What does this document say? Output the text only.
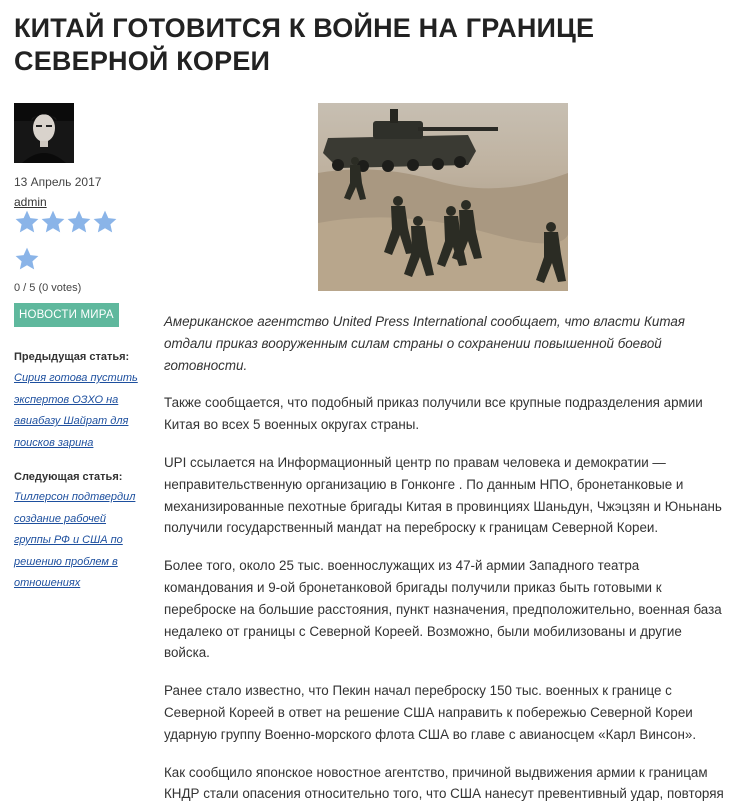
КИТАЙ ГОТОВИТСЯ К ВОЙНЕ НА ГРАНИЦЕ СЕВЕРНОЙ КОРЕИ
13 Апрель 2017
admin
0 / 5 (0 votes)
НОВОСТИ МИРА
Предыдущая статья:
Сирия готова пустить
экспертов ОЗХО на
авиабазу Шайрат для
поисков зарина
Следующая статья:
Тиллерсон подтвердил
создание рабочей
группы РФ и США по
решению проблем в
отношениях

Американское агентство United Press International сообщает, что власти Китая отдали приказ вооруженным силам страны о сохранении повышенной боевой готовности.

Также сообщается, что подобный приказ получили все крупные подразделения армии Китая во всех 5 военных округах страны.

UPI ссылается на Информационный центр по правам человека и демократии — неправительственную организацию в Гонконге . По данным НПО, бронетанковые и механизированные пехотные бригады Китая в провинциях Шаньдун, Чжэцзян и Юньнань получили государственный мандат на переброску к границам Северной Кореи.

Более того, около 25 тыс. военнослужащих из 47-й армии Западного театра командования и 9-ой бронетанковой бригады получили приказ быть готовыми к переброске на большие расстояния, пункт назначения, предположительно, военная база недалеко от границы с Северной Кореей. Возможно, были мобилизованы и другие войска.

Ранее стало известно, что Пекин начал переброску 150 тыс. военных к границе с Северной Кореей в ответ на решение США направить к побережью Северной Кореи ударную группу Военно-морского флота США во главе с авианосцем «Карл Винсон».

Как сообщило японское новостное агентство, причиной выдвижения армии к границам КНДР стали опасения относительно того, что США нанесут превентивный удар, повторяя
